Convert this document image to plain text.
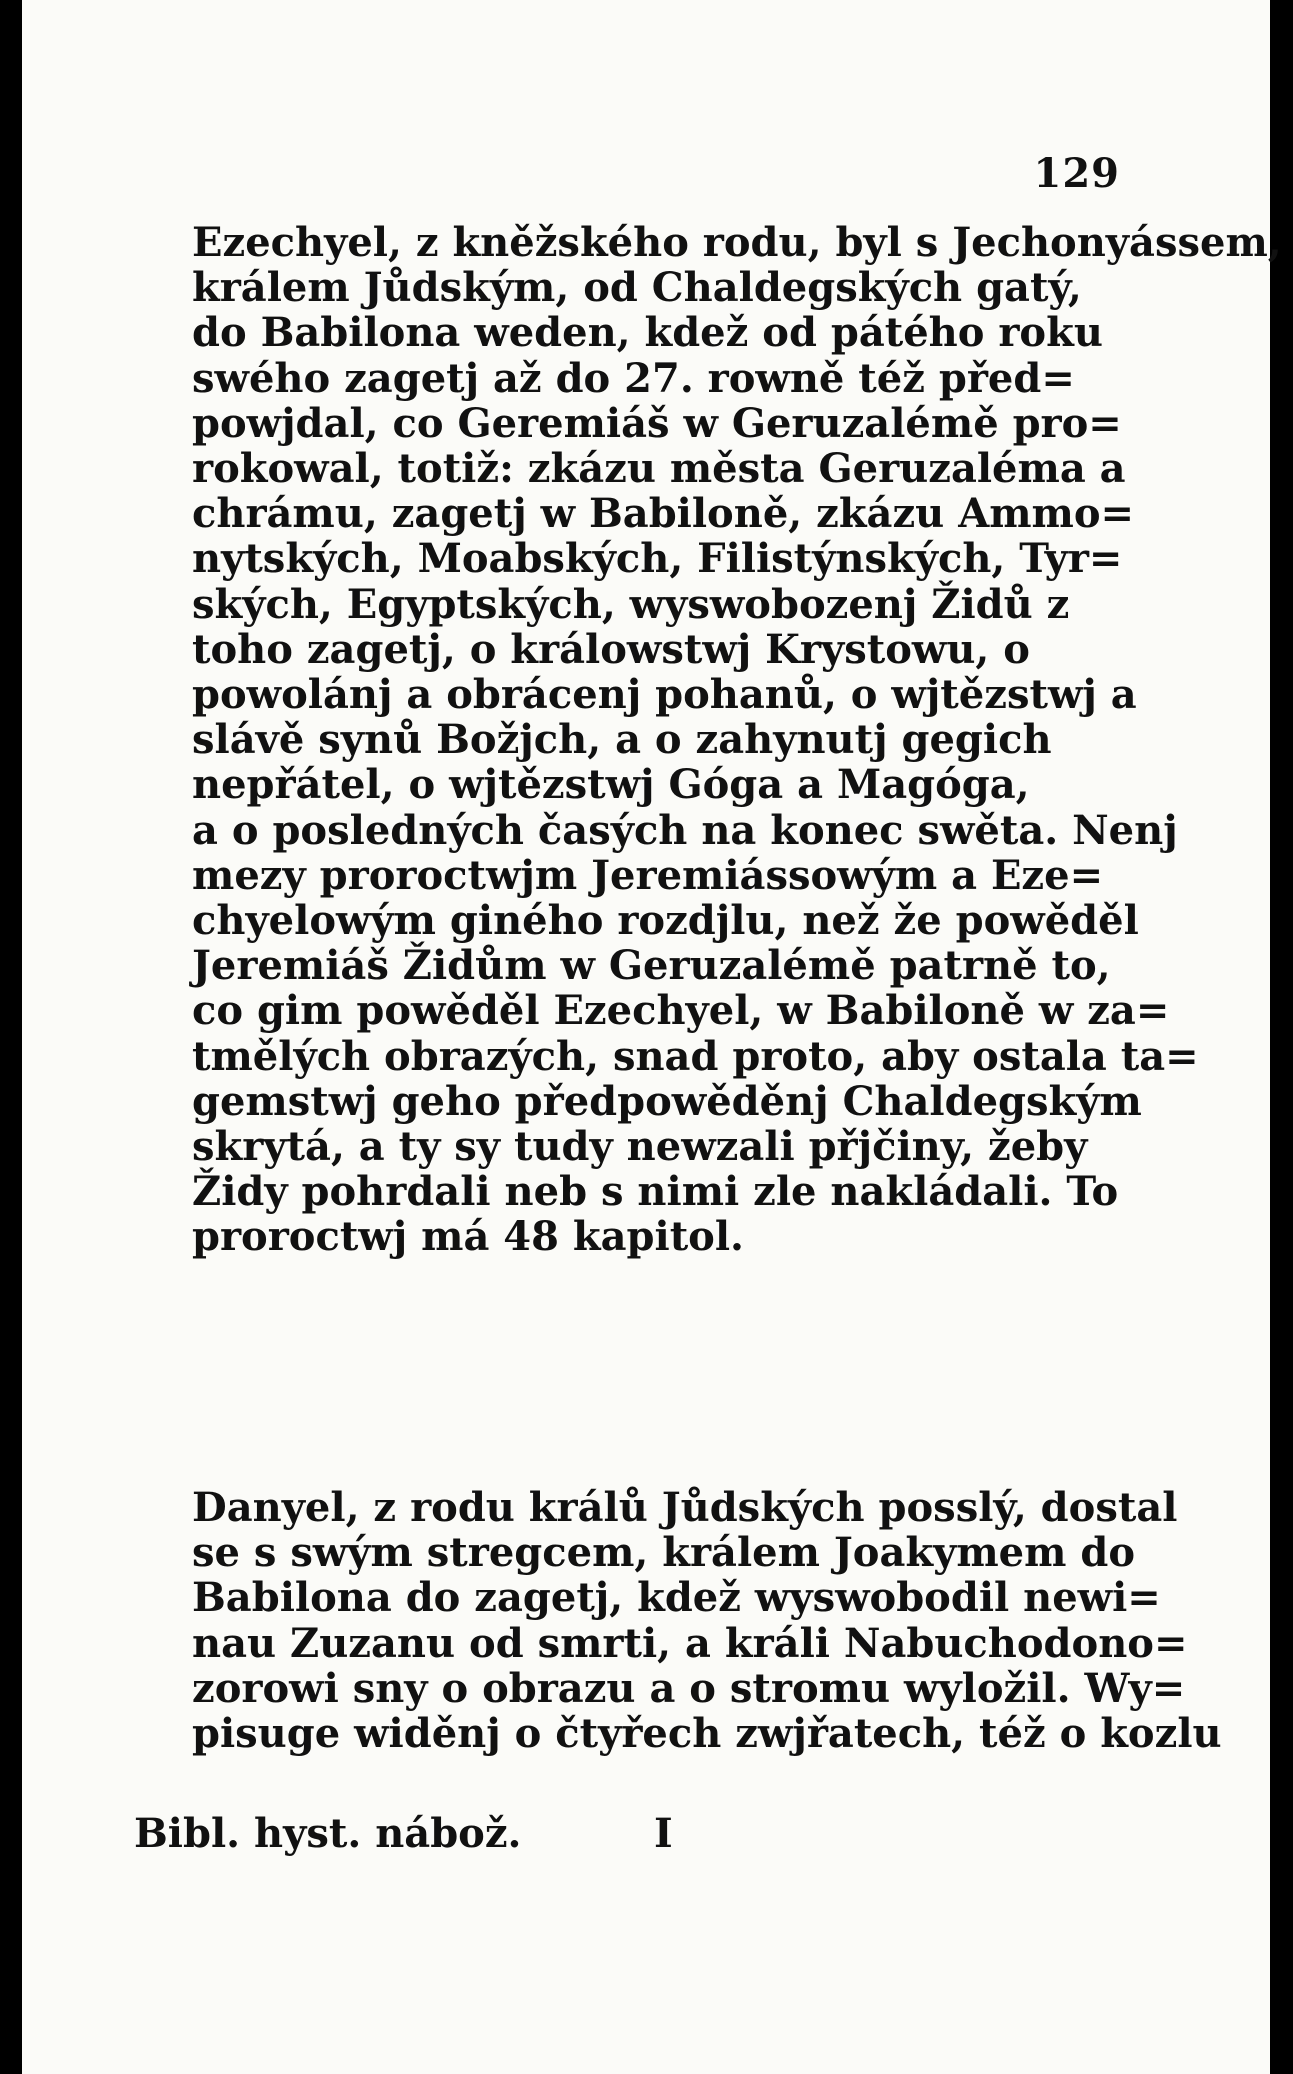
129
Ezechyel, z kněžského rodu, byl s Jechonyássem,
králem Jůdským, od Chaldegských gatý,
do Babilona weden, kdež od pátého roku
swého zagetj až do 27. rowně též před=
powjdal, co Geremiáš w Geruzalémě pro=
rokowal, totiž: zkázu města Geruzaléma a
chrámu, zagetj w Babiloně, zkázu Ammo=
nytských, Moabských, Filistýnských, Tyr=
ských, Egyptských, wyswobozenj Židů z
toho zagetj, o králowstwj Krystowu, o
powolánj a obrácenj pohanů, o wjtězstwj a
slávě synů Božjch, a o zahynutj gegich
nepřátel, o wjtězstwj Góga a Magóga,
a o posledných časých na konec swěta. Nenj
mezy proroctwjm Jeremiássowým a Eze=
chyelowým giného rozdjlu, než že powěděl
Jeremiáš Židům w Geruzalémě patrně to,
co gim powěděl Ezechyel, w Babiloně w za=
tmělých obrazých, snad proto, aby ostala ta=
gemstwj geho předpowěděnj Chaldegským
skrytá, a ty sy tudy newzali přjčiny, žeby
Židy pohrdali neb s nimi zle nakládali. To
proroctwj má 48 kapitol.
Danyel, z rodu králů Jůdských posslý, dostal
se s swým stregcem, králem Joakymem do
Babilona do zagetj, kdež wyswobodil newi=
nau Zuzanu od smrti, a králi Nabuchodono=
zorowi sny o obrazu a o stromu wyložil. Wy=
pisuge widěnj o čtyřech zwjřatech, též o kozlu
Bibl. hyst. nábož.	I
